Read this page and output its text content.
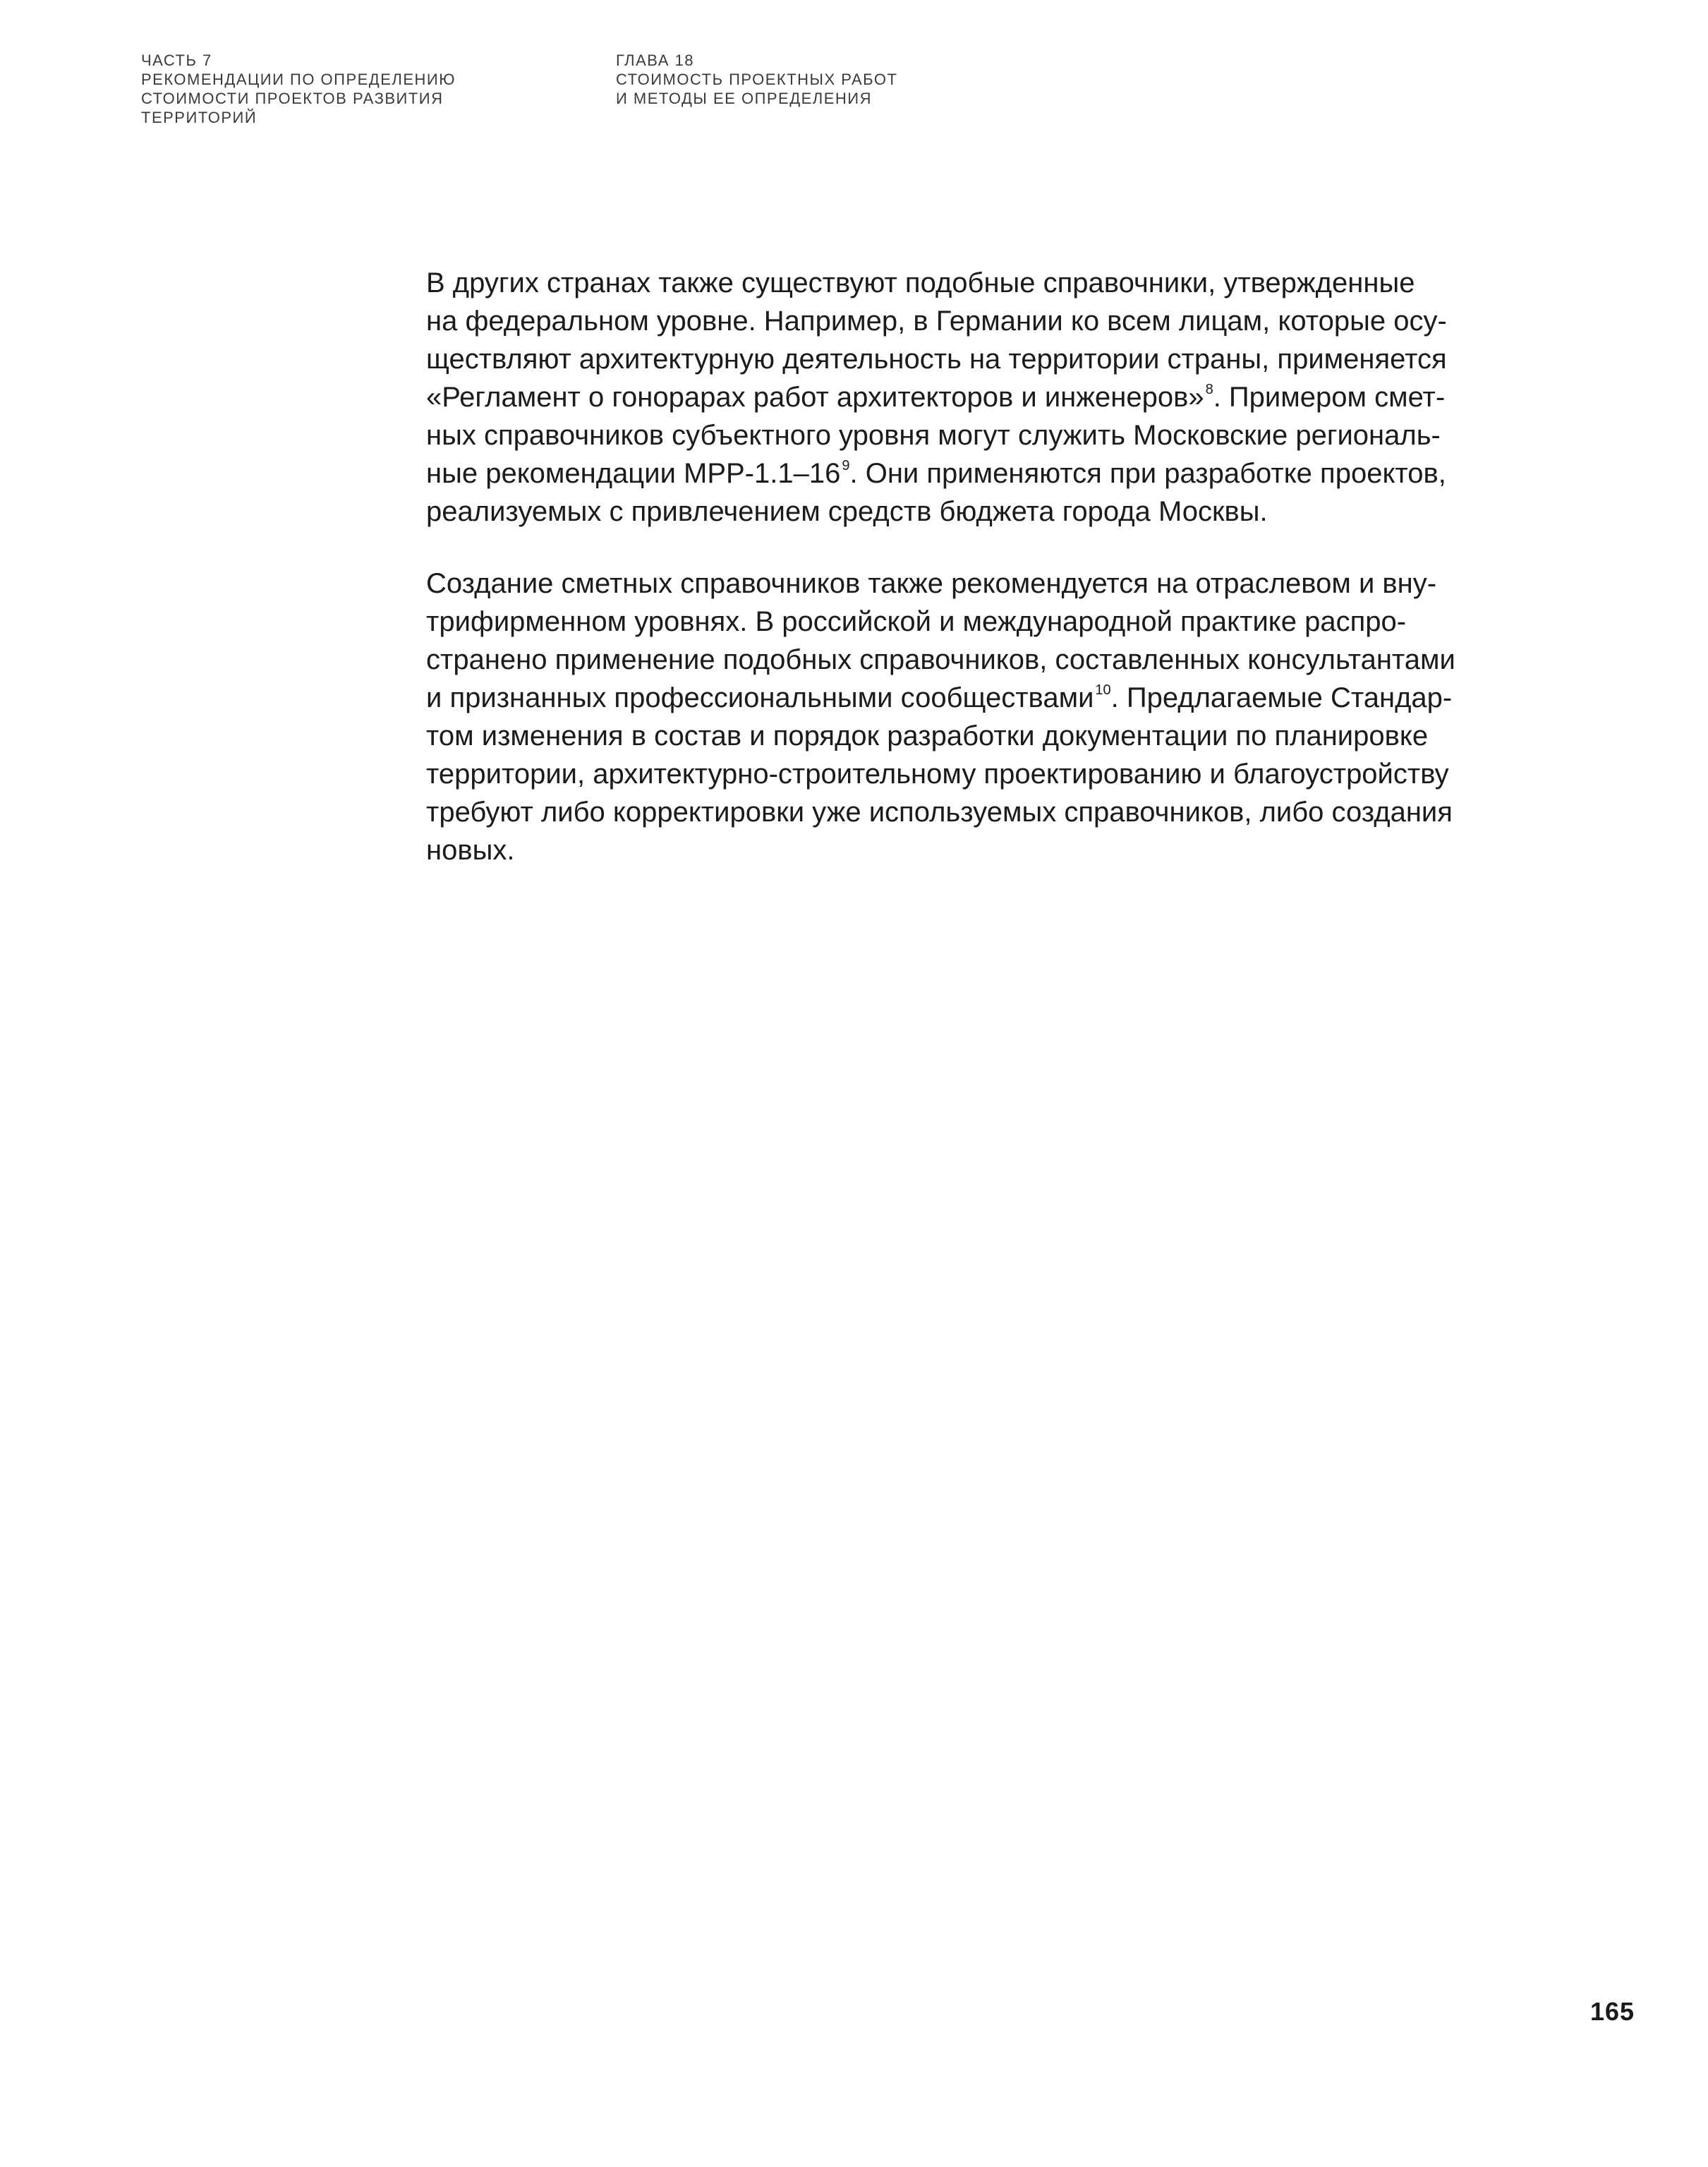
ЧАСТЬ 7
РЕКОМЕНДАЦИИ ПО ОПРЕДЕЛЕНИЮ
СТОИМОСТИ ПРОЕКТОВ РАЗВИТИЯ
ТЕРРИТОРИЙ
ГЛАВА 18
СТОИМОСТЬ ПРОЕКТНЫХ РАБОТ
И МЕТОДЫ ЕЕ ОПРЕДЕЛЕНИЯ
В других странах также существуют подобные справочники, утвержденные
на федеральном уровне. Например, в Германии ко всем лицам, которые осу-
ществляют архитектурную деятельность на территории страны, применяется
«Регламент о гонорарах работ архитекторов и инженеров» $^8$. Примером смет-
ных справочников субъектного уровня могут служить Московские региональ-
ные рекомендации МРР-1.1–16 $^9$. Они применяются при разработке проектов,
реализуемых с привлечением средств бюджета города Москвы.
Создание сметных справочников также рекомендуется на отраслевом и вну-
трифирменном уровнях. В российской и международной практике распро-
странено применение подобных справочников, составленных консультантами
и признанных профессиональными сообществами $^{10}$. Предлагаемые Стандар-
том изменения в состав и порядок разработки документации по планировке
территории, архитектурно-строительному проектированию и благоустройству
требуют либо корректировки уже используемых справочников, либо создания
новых.
165
